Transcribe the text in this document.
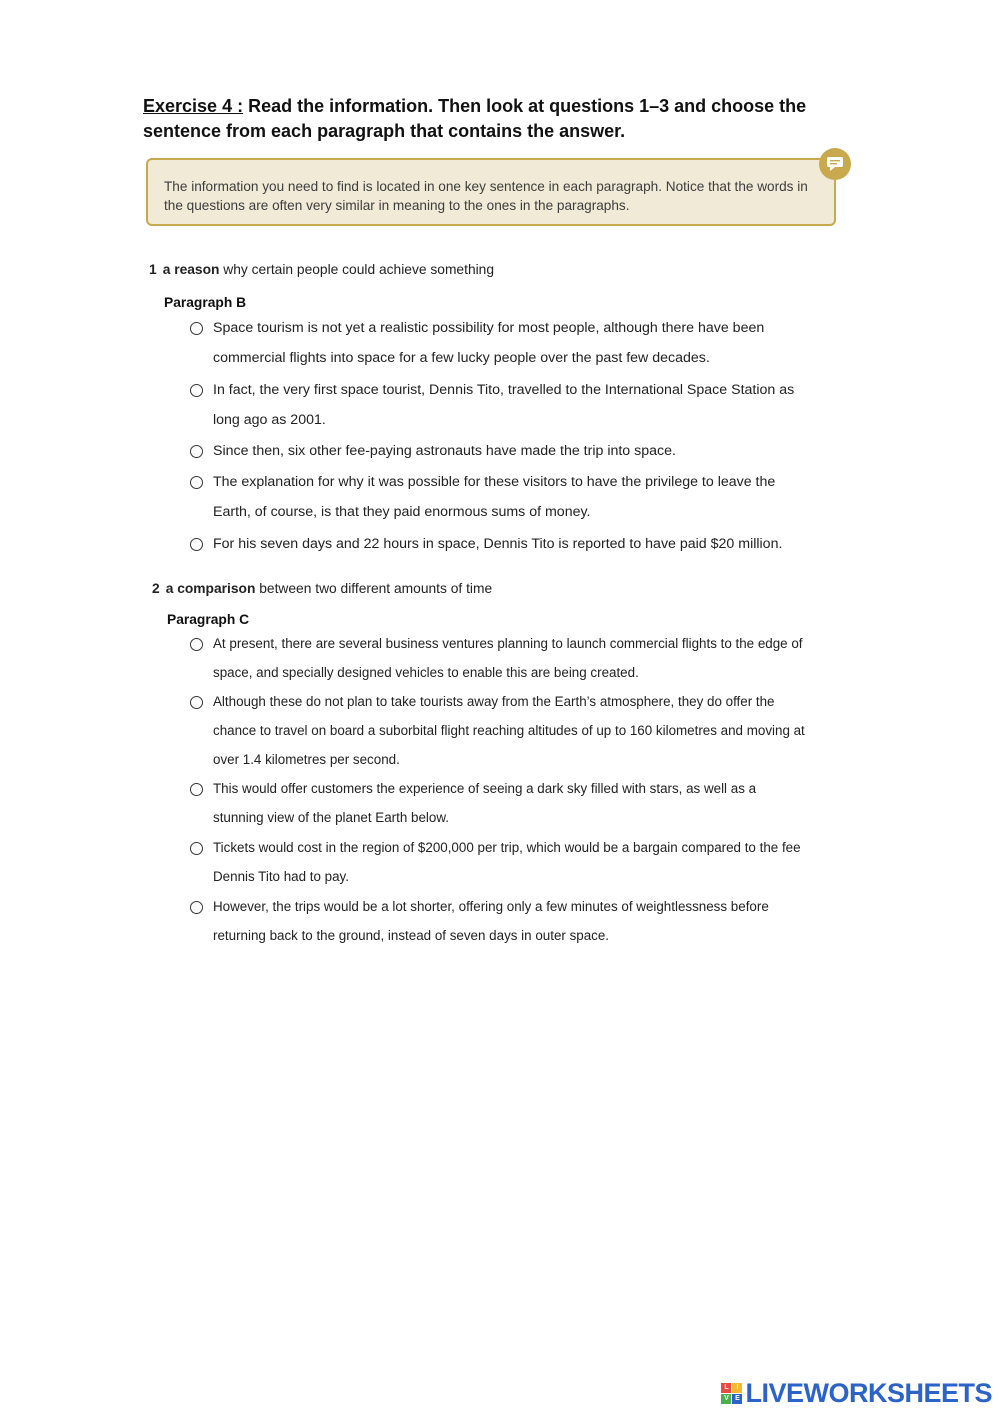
Exercise 4 : Read the information. Then look at questions 1–3 and choose the sentence from each paragraph that contains the answer.
The information you need to find is located in one key sentence in each paragraph. Notice that the words in the questions are often very similar in meaning to the ones in the paragraphs.
1 a reason why certain people could achieve something
Paragraph B
Space tourism is not yet a realistic possibility for most people, although there have been commercial flights into space for a few lucky people over the past few decades.
In fact, the very first space tourist, Dennis Tito, travelled to the International Space Station as long ago as 2001.
Since then, six other fee-paying astronauts have made the trip into space.
The explanation for why it was possible for these visitors to have the privilege to leave the Earth, of course, is that they paid enormous sums of money.
For his seven days and 22 hours in space, Dennis Tito is reported to have paid $20 million.
2 a comparison between two different amounts of time
Paragraph C
At present, there are several business ventures planning to launch commercial flights to the edge of space, and specially designed vehicles to enable this are being created.
Although these do not plan to take tourists away from the Earth’s atmosphere, they do offer the chance to travel on board a suborbital flight reaching altitudes of up to 160 kilometres and moving at over 1.4 kilometres per second.
This would offer customers the experience of seeing a dark sky filled with stars, as well as a stunning view of the planet Earth below.
Tickets would cost in the region of $200,000 per trip, which would be a bargain compared to the fee Dennis Tito had to pay.
However, the trips would be a lot shorter, offering only a few minutes of weightlessness before returning back to the ground, instead of seven days in outer space.
L	I
V E LIVEWORKSHEETS
